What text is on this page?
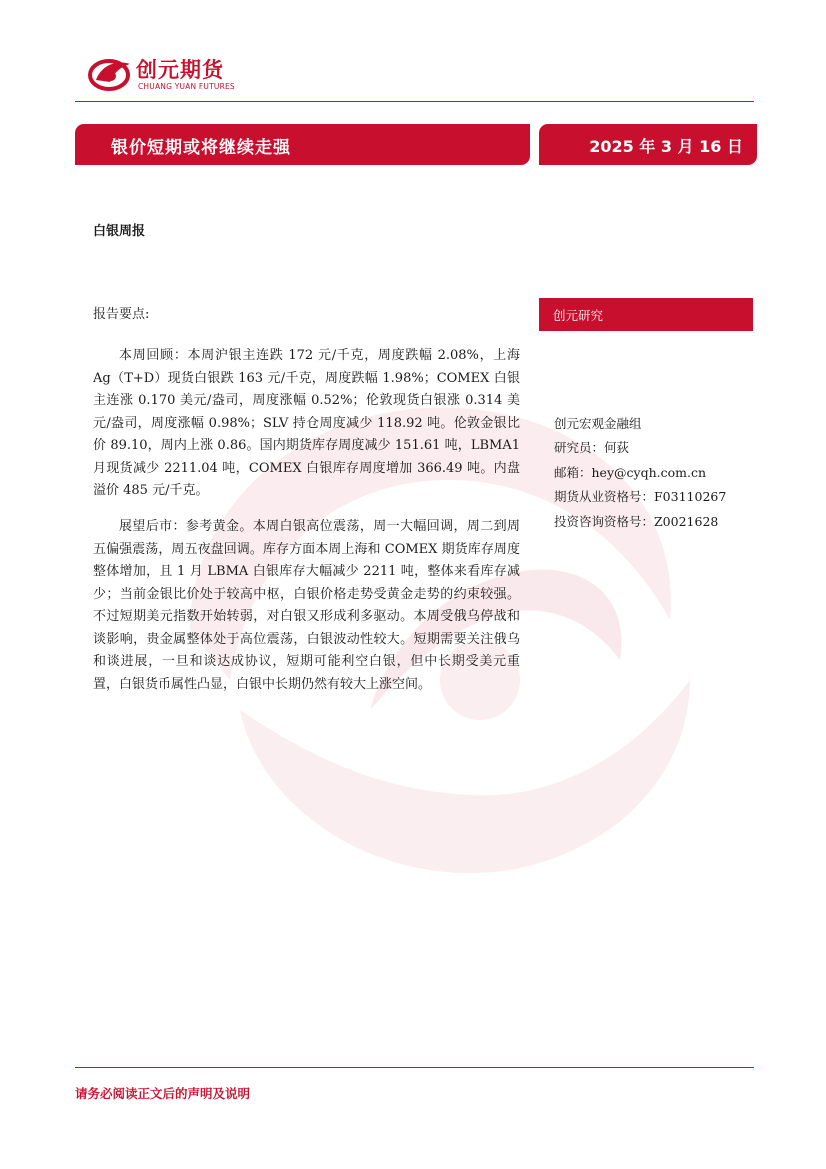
创元期货
CHUANG YUAN FUTURES
银价短期或将继续走强	2025 年 3 月 16 日
白银周报
报告要点:

本周回顾：本周沪银主连跌 172 元/千克，周度跌幅 2.08%，上海 Ag（T+D）现货白银跌 163 元/千克，周度跌幅 1.98%；COMEX 白银主连涨 0.170 美元/盎司，周度涨幅 0.52%；伦敦现货白银涨 0.314 美元/盎司，周度涨幅 0.98%；SLV 持仓周度减少 118.92 吨。伦敦金银比价 89.10，周内上涨 0.86。国内期货库存周度减少 151.61 吨，LBMA1 月现货减少 2211.04 吨，COMEX 白银库存周度增加 366.49 吨。内盘溢价 485 元/千克。

展望后市：参考黄金。本周白银高位震荡，周一大幅回调，周二到周五偏强震荡，周五夜盘回调。库存方面本周上海和 COMEX 期货库存周度整体增加，且 1 月 LBMA 白银库存大幅减少 2211 吨，整体来看库存减少；当前金银比价处于较高中枢，白银价格走势受黄金走势的约束较强。不过短期美元指数开始转弱，对白银又形成利多驱动。本周受俄乌停战和谈影响，贵金属整体处于高位震荡，白银波动性较大。短期需要关注俄乌和谈进展，一旦和谈达成协议，短期可能利空白银，但中长期受美元重置，白银货币属性凸显，白银中长期仍然有较大上涨空间。

创元研究
创元宏观金融组
研究员：何荻
邮箱：hey@cyqh.com.cn
期货从业资格号：F03110267
投资咨询资格号：Z0021628
请务必阅读正文后的声明及说明
